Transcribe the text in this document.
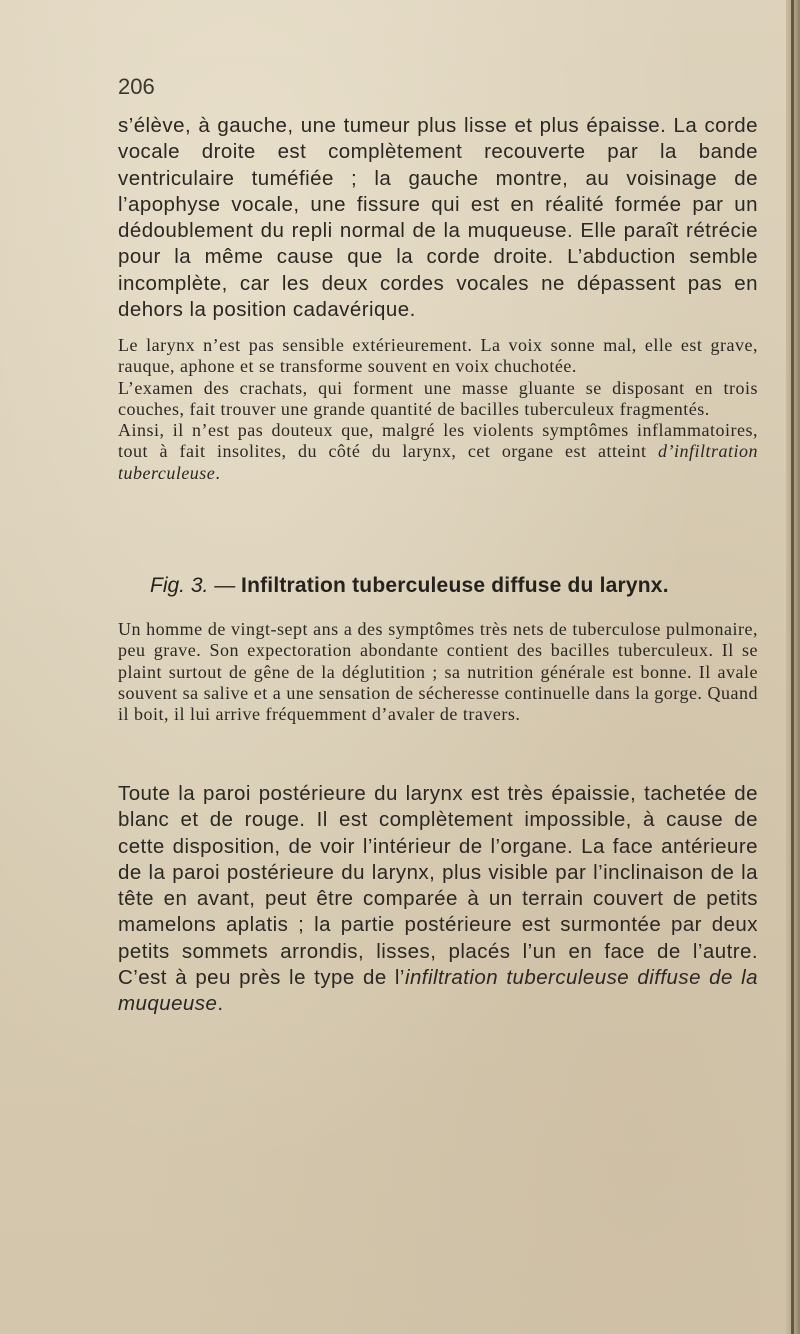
206
s’élève, à gauche, une tumeur plus lisse et plus épaisse. La corde vocale droite est complètement recouverte par la bande ventriculaire tuméfiée ; la gauche montre, au voisinage de l’apophyse vocale, une fissure qui est en réalité formée par un dédoublement du repli normal de la muqueuse. Elle paraît rétrécie pour la même cause que la corde droite. L’abduction semble incomplète, car les deux cordes vocales ne dépassent pas en dehors la position cadavérique.

Le larynx n’est pas sensible extérieurement. La voix sonne mal, elle est grave, rauque, aphone et se transforme souvent en voix chuchotée.

L’examen des crachats, qui forment une masse gluante se disposant en trois couches, fait trouver une grande quantité de bacilles tuberculeux fragmentés.

Ainsi, il n’est pas douteux que, malgré les violents symptômes inflammatoires, tout à fait insolites, du côté du larynx, cet organe est atteint d’infiltration tuberculeuse.

Fig. 3. — Infiltration tuberculeuse diffuse du larynx.

Un homme de vingt-sept ans a des symptômes très nets de tuberculose pulmonaire, peu grave. Son expectoration abondante contient des bacilles tuberculeux. Il se plaint surtout de gêne de la déglutition ; sa nutrition générale est bonne. Il avale souvent sa salive et a une sensation de sécheresse continuelle dans la gorge. Quand il boit, il lui arrive fréquemment d’avaler de travers.

Toute la paroi postérieure du larynx est très épaissie, tachetée de blanc et de rouge. Il est complètement impossible, à cause de cette disposition, de voir l’intérieur de l’organe. La face antérieure de la paroi postérieure du larynx, plus visible par l’inclinaison de la tête en avant, peut être comparée à un terrain couvert de petits mamelons aplatis ; la partie postérieure est surmontée par deux petits sommets arrondis, lisses, placés l’un en face de l’autre. C’est à peu près le type de l’infiltration tuberculeuse diffuse de la muqueuse.
